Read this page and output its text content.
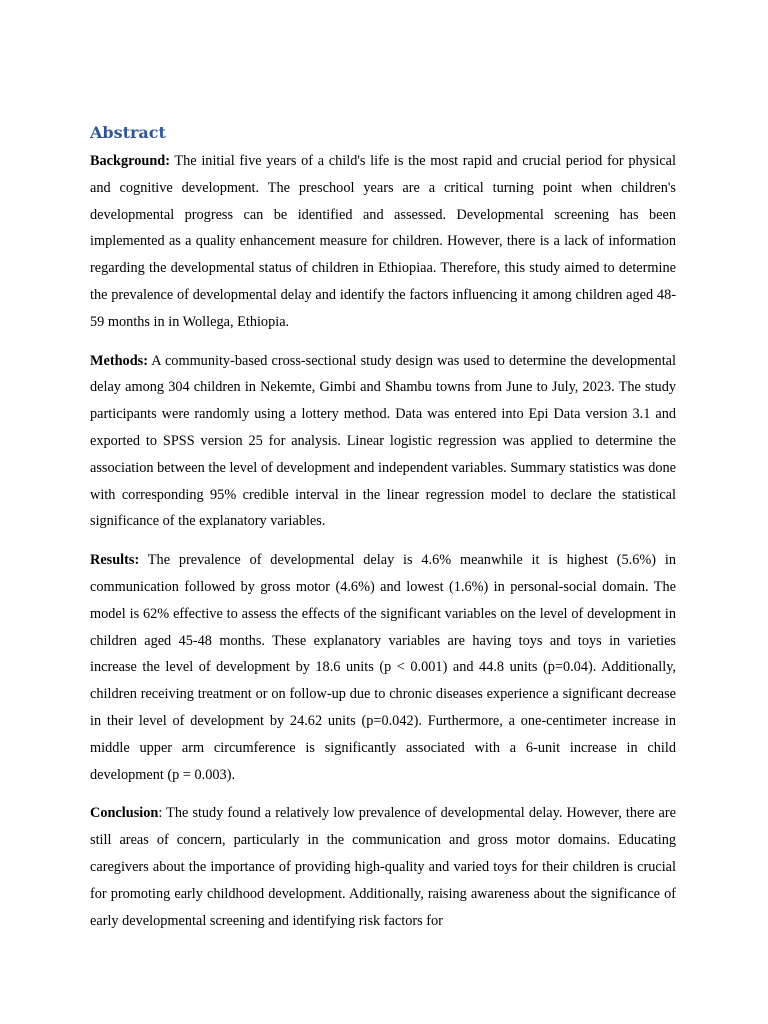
Abstract

Background: The initial five years of a child's life is the most rapid and crucial period for physical and cognitive development. The preschool years are a critical turning point when children's developmental progress can be identified and assessed. Developmental screening has been implemented as a quality enhancement measure for children. However, there is a lack of information regarding the developmental status of children in Ethiopiaa. Therefore, this study aimed to determine the prevalence of developmental delay and identify the factors influencing it among children aged 48-59 months in in Wollega, Ethiopia.

Methods: A community-based cross-sectional study design was used to determine the developmental delay among 304 children in Nekemte, Gimbi and Shambu towns from June to July, 2023. The study participants were randomly using a lottery method. Data was entered into Epi Data version 3.1 and exported to SPSS version 25 for analysis. Linear logistic regression was applied to determine the association between the level of development and independent variables. Summary statistics was done with corresponding 95% credible interval in the linear regression model to declare the statistical significance of the explanatory variables.

Results: The prevalence of developmental delay is 4.6% meanwhile it is highest (5.6%) in communication followed by gross motor (4.6%) and lowest (1.6%) in personal-social domain. The model is 62% effective to assess the effects of the significant variables on the level of development in children aged 45-48 months. These explanatory variables are having toys and toys in varieties increase the level of development by 18.6 units (p < 0.001) and 44.8 units (p=0.04). Additionally, children receiving treatment or on follow-up due to chronic diseases experience a significant decrease in their level of development by 24.62 units (p=0.042). Furthermore, a one-centimeter increase in middle upper arm circumference is significantly associated with a 6-unit increase in child development (p = 0.003).

Conclusion: The study found a relatively low prevalence of developmental delay. However, there are still areas of concern, particularly in the communication and gross motor domains. Educating caregivers about the importance of providing high-quality and varied toys for their children is crucial for promoting early childhood development. Additionally, raising awareness about the significance of early developmental screening and identifying risk factors for
